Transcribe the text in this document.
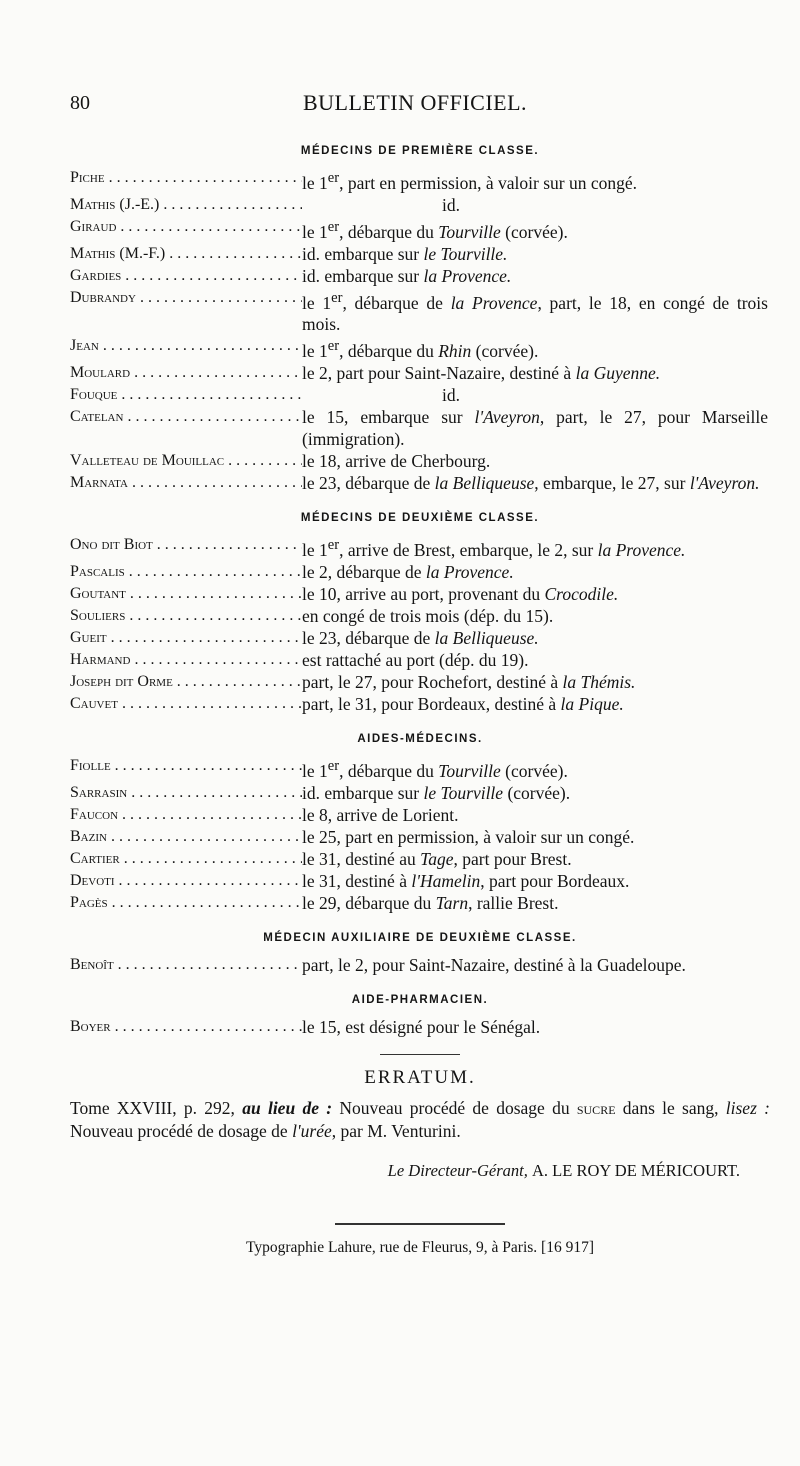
80	BULLETIN OFFICIEL.
MÉDECINS DE PREMIÈRE CLASSE.
Piche . . .	le 1er, part en permission, à valoir sur un congé.
Mathis (J.-E.) . . .	id.
Giraud . . .	le 1er, débarque du Tourville (corvée).
Mathis (M.-F.) . . .	id. embarque sur le Tourville.
Gardies . . .	id. embarque sur la Provence.
Dubrandy . . .	le 1er, débarque de la Provence, part, le 18, en congé de trois mois.
Jean . . .	le 1er, débarque du Rhin (corvée).
Moulard . . .	le 2, part pour Saint-Nazaire, destiné à la Guyenne.
Fouque . . .	id.
Catelan . . .	le 15, embarque sur l'Aveyron, part, le 27, pour Marseille (immigration).
Valleteau de Mouillac . . .	le 18, arrive de Cherbourg.
Marnata . . .	le 23, débarque de la Belliqueuse, embarque, le 27, sur l'Aveyron.
MÉDECINS DE DEUXIÈME CLASSE.
Ono dit Biot . . .	le 1er, arrive de Brest, embarque, le 2, sur la Provence.
Pascalis . . .	le 2, débarque de la Provence.
Goutant . . .	le 10, arrive au port, provenant du Crocodile.
Souliers . . .	en congé de trois mois (dép. du 15).
Gueit . . .	le 23, débarque de la Belliqueuse.
Harmand . . .	est rattaché au port (dép. du 19).
Joseph dit Orme . . .	part, le 27, pour Rochefort, destiné à la Thémis.
Cauvet . . .	part, le 31, pour Bordeaux, destiné à la Pique.
AIDES-MÉDECINS.
Fiolle . . .	le 1er, débarque du Tourville (corvée).
Sarrasin . . .	id. embarque sur le Tourville (corvée).
Faucon . . .	le 8, arrive de Lorient.
Bazin . . .	le 25, part en permission, à valoir sur un congé.
Cartier . . .	le 31, destiné au Tage, part pour Brest.
Devoti . . .	le 31, destiné à l'Hamelin, part pour Bordeaux.
Pagès . . .	le 29, débarque du Tarn, rallie Brest.
MÉDECIN AUXILIAIRE DE DEUXIÈME CLASSE.
Benoît . . .	part, le 2, pour Saint-Nazaire, destiné à la Guadeloupe.
AIDE-PHARMACIEN.
Boyer . . .	le 15, est désigné pour le Sénégal.
ERRATUM.
Tome XXVIII, p. 292, au lieu de : Nouveau procédé de dosage du sucre dans le sang, lisez : Nouveau procédé de dosage de l'urée, par M. Venturini.
Le Directeur-Gérant, A. LE ROY DE MÉRICOURT.
Typographie Lahure, rue de Fleurus, 9, à Paris. [16 917]
